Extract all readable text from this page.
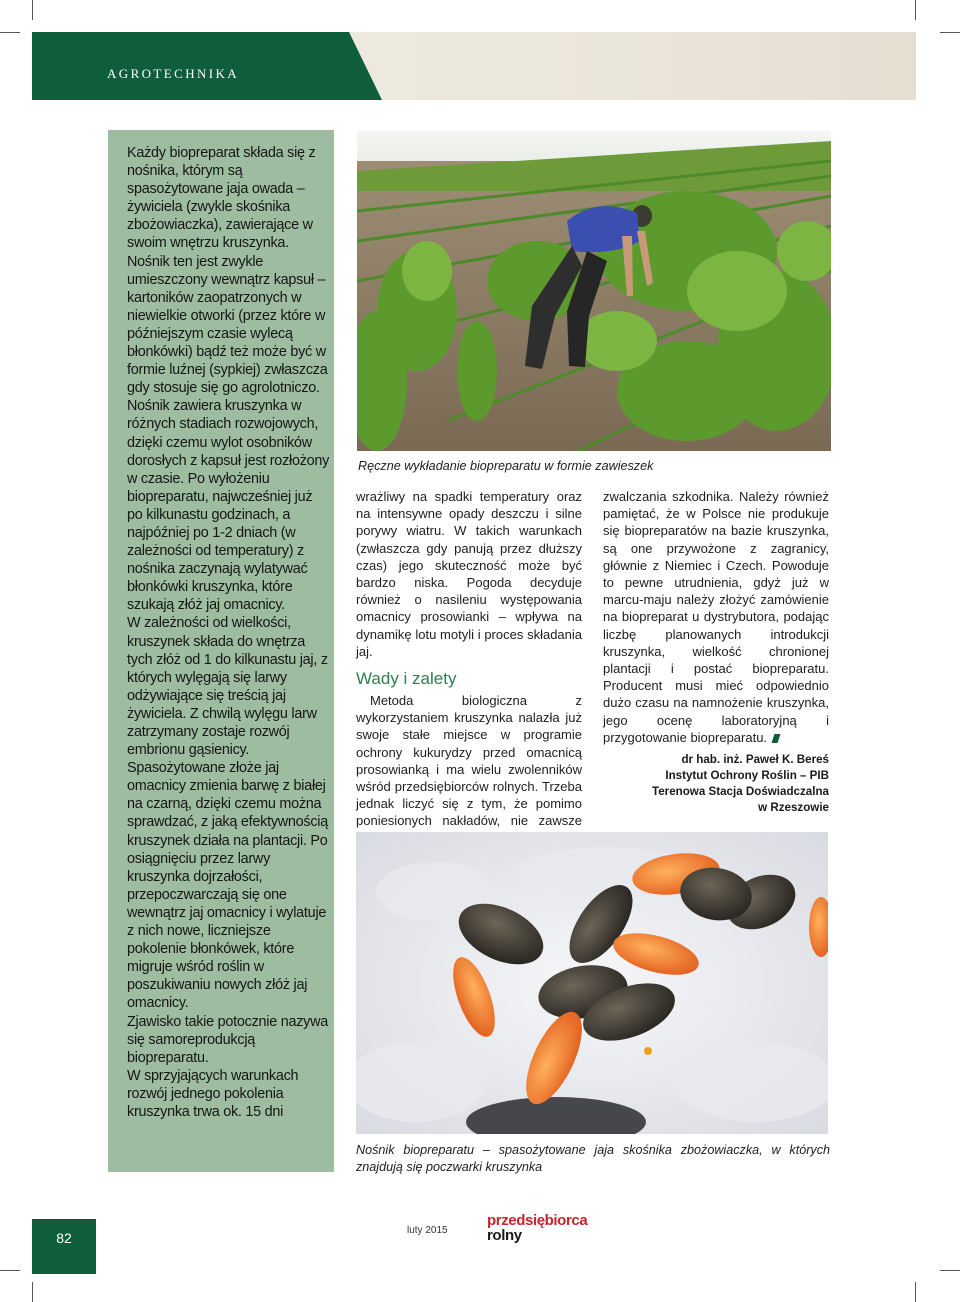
AGROTECHNIKA

Każdy biopreparat składa się z nośnika, którym są spasożytowane jaja owada – żywiciela (zwykle skośnika zbożowiaczka), zawierające w swoim wnętrzu kruszynka. Nośnik ten jest zwykle umieszczony wewnątrz kapsuł – kartoników zaopatrzonych w niewielkie otworki (przez które w późniejszym czasie wylecą błonkówki) bądź też może być w formie luźnej (sypkiej) zwłaszcza gdy stosuje się go agrolotniczo. Nośnik zawiera kruszynka w różnych stadiach rozwojowych, dzięki czemu wylot osobników dorosłych z kapsuł jest rozłożony w czasie. Po wyłożeniu biopreparatu, najwcześniej już po kilkunastu godzinach, a najpóźniej po 1-2 dniach (w zależności od temperatury) z nośnika zaczynają wylatywać błonkówki kruszynka, które szukają złóż jaj omacnicy.

W zależności od wielkości, kruszynek składa do wnętrza tych złóż od 1 do kilkunastu jaj, z których wylęgają się larwy odżywiające się treścią jaj żywiciela. Z chwilą wylęgu larw zatrzymany zostaje rozwój embrionu gąsienicy. Spasożytowane złoże jaj omacnicy zmienia barwę z białej na czarną, dzięki czemu można sprawdzać, z jaką efektywnością kruszynek działa na plantacji. Po osiągnięciu przez larwy kruszynka dojrzałości, przepoczwarczają się one wewnątrz jaj omacnicy i wylatuje z nich nowe, liczniejsze pokolenie błonkówek, które migruje wśród roślin w poszukiwaniu nowych złóż jaj omacnicy.

Zjawisko takie potocznie nazywa się samoreprodukcją biopreparatu.

W sprzyjających warunkach rozwój jednego pokolenia kruszynka trwa ok. 15 dni

Ręczne wykładanie biopreparatu w formie zawieszek

wrażliwy na spadki temperatury oraz na intensywne opady deszczu i silne porywy wiatru. W takich warunkach (zwłaszcza gdy panują przez dłuższy czas) jego skuteczność może być bardzo niska. Pogoda decyduje również o nasileniu występowania omacnicy prosowianki – wpływa na dynamikę lotu motyli i proces składania jaj.

Wady i zalety

Metoda biologiczna z wykorzystaniem kruszynka nalazła już swoje stałe miejsce w programie ochrony kukurydzy przed omacnicą prosowianką i ma wielu zwolenników wśród przedsiębiorców rolnych. Trzeba jednak liczyć się z tym, że pomimo poniesionych nakładów, nie zawsze

zwalczania szkodnika. Należy również pamiętać, że w Polsce nie produkuje się biopreparatów na bazie kruszynka, są one przywożone z zagranicy, głównie z Niemiec i Czech. Powoduje to pewne utrudnienia, gdyż już w marcu-maju należy złożyć zamówienie na biopreparat u dystrybutora, podając liczbę planowanych introdukcji kruszynka, wielkość chronionej plantacji i postać biopreparatu. Producent musi mieć odpowiednio dużo czasu na namnożenie kruszynka, jego ocenę laboratoryjną i przygotowanie biopreparatu.

dr hab. inż. Paweł K. Bereś
Instytut Ochrony Roślin – PIB
Terenowa Stacja Doświadczalna
w Rzeszowie
Nośnik biopreparatu – spasożytowane jaja skośnika zbożowiaczka, w których znajdują się poczwarki kruszynka
82	luty 2015
przedsiębiorca
rolny
